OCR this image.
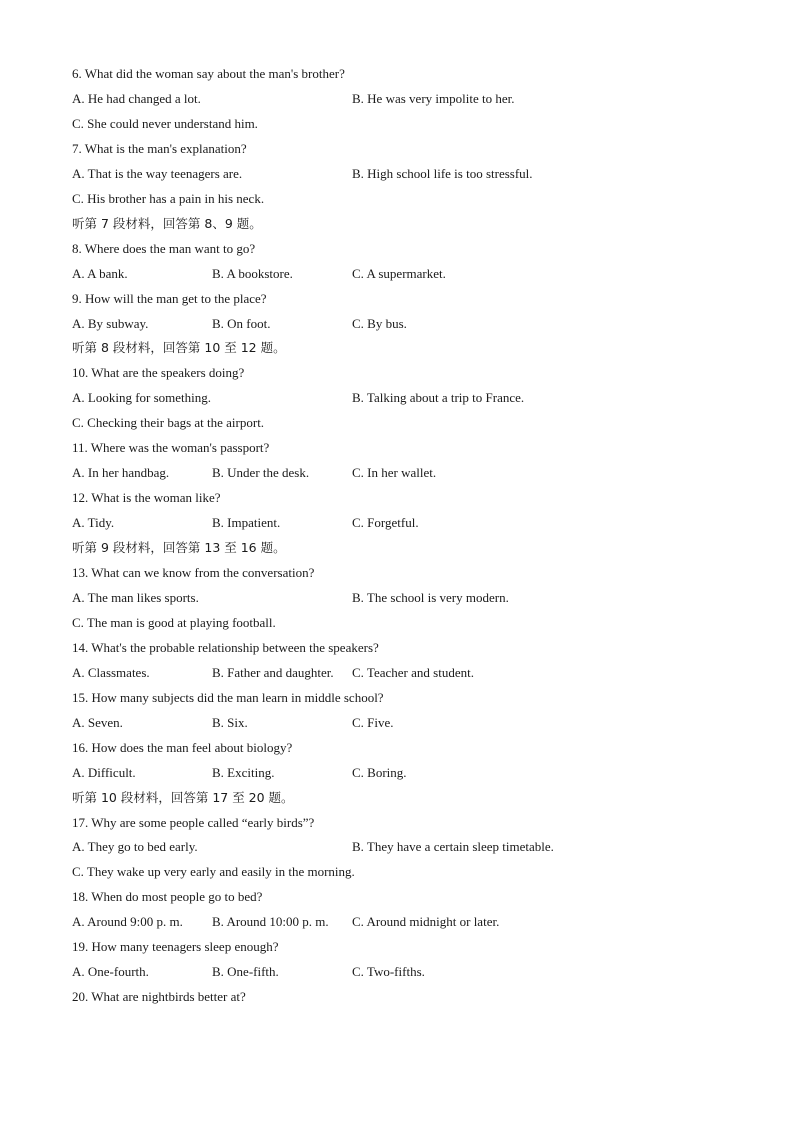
6. What did the woman say about the man's brother?
A. He had changed a lot.	B. He was very impolite to her.
C. She could never understand him.
7. What is the man's explanation?
A. That is the way teenagers are.	B. High school life is too stressful.
C. His brother has a pain in his neck.
听第 7 段材料，回答第 8、9 题。
8. Where does the man want to go?
A. A bank.	B. A bookstore.	C. A supermarket.
9. How will the man get to the place?
A. By subway.	B. On foot.	C. By bus.
听第 8 段材料，回答第 10 至 12 题。
10. What are the speakers doing?
A. Looking for something.	B. Talking about a trip to France.
C. Checking their bags at the airport.
11. Where was the woman's passport?
A. In her handbag.	B. Under the desk.	C. In her wallet.
12. What is the woman like?
A. Tidy.	B. Impatient.	C. Forgetful.
听第 9 段材料，回答第 13 至 16 题。
13. What can we know from the conversation?
A. The man likes sports.	B. The school is very modern.
C. The man is good at playing football.
14. What's the probable relationship between the speakers?
A. Classmates.	B. Father and daughter. C. Teacher and student.
15. How many subjects did the man learn in middle school?
A. Seven.	B. Six.	C. Five.
16. How does the man feel about biology?
A. Difficult.	B. Exciting.	C. Boring.
听第 10 段材料，回答第 17 至 20 题。
17. Why are some people called “early birds”?
A. They go to bed early.	B. They have a certain sleep timetable.
C. They wake up very early and easily in the morning.
18. When do most people go to bed?
A. Around 9:00 p. m. B. Around 10:00 p. m. C. Around midnight or later.
19. How many teenagers sleep enough?
A. One-fourth.	B. One-fifth.	C. Two-fifths.
20. What are nightbirds better at?
